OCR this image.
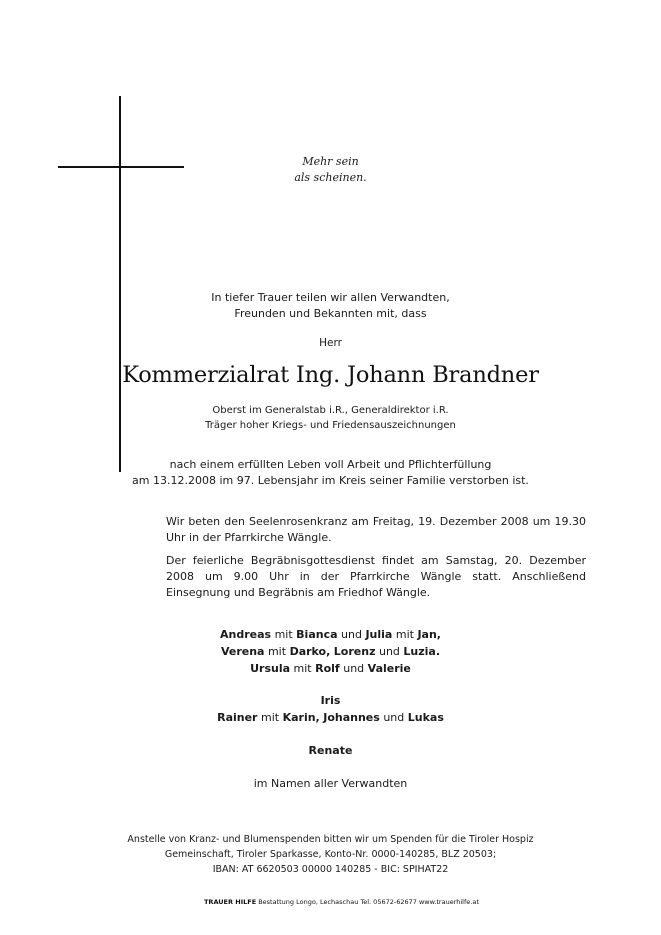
Mehr sein
als scheinen.
In tiefer Trauer teilen wir allen Verwandten,
Freunden und Bekannten mit, dass
Herr
Kommerzialrat Ing. Johann Brandner
Oberst im Generalstab i.R., Generaldirektor i.R.
Träger hoher Kriegs- und Friedensauszeichnungen
nach einem erfüllten Leben voll Arbeit und Pflichterfüllung
am 13.12.2008 im 97. Lebensjahr im Kreis seiner Familie verstorben ist.
Wir beten den Seelenrosenkranz am Freitag, 19. Dezember 2008 um 19.30 Uhr in der Pfarrkirche Wängle.
Der feierliche Begräbnisgottesdienst findet am Samstag, 20. Dezember 2008 um 9.00 Uhr in der Pfarrkirche Wängle statt. Anschließend Einsegnung und Begräbnis am Friedhof Wängle.
Andreas mit Bianca und Julia mit Jan,
Verena mit Darko, Lorenz und Luzia.
Ursula mit Rolf und Valerie
Iris
Rainer mit Karin, Johannes und Lukas
Renate
im Namen aller Verwandten
Anstelle von Kranz- und Blumenspenden bitten wir um Spenden für die Tiroler Hospiz
Gemeinschaft, Tiroler Sparkasse, Konto-Nr. 0000-140285, BLZ 20503;
IBAN: AT 6620503 00000 140285 - BIC: SPIHAT22
TRAUER HILFE Bestattung Longo, Lechaschau Tel. 05672-62677 www.trauerhilfe.at
